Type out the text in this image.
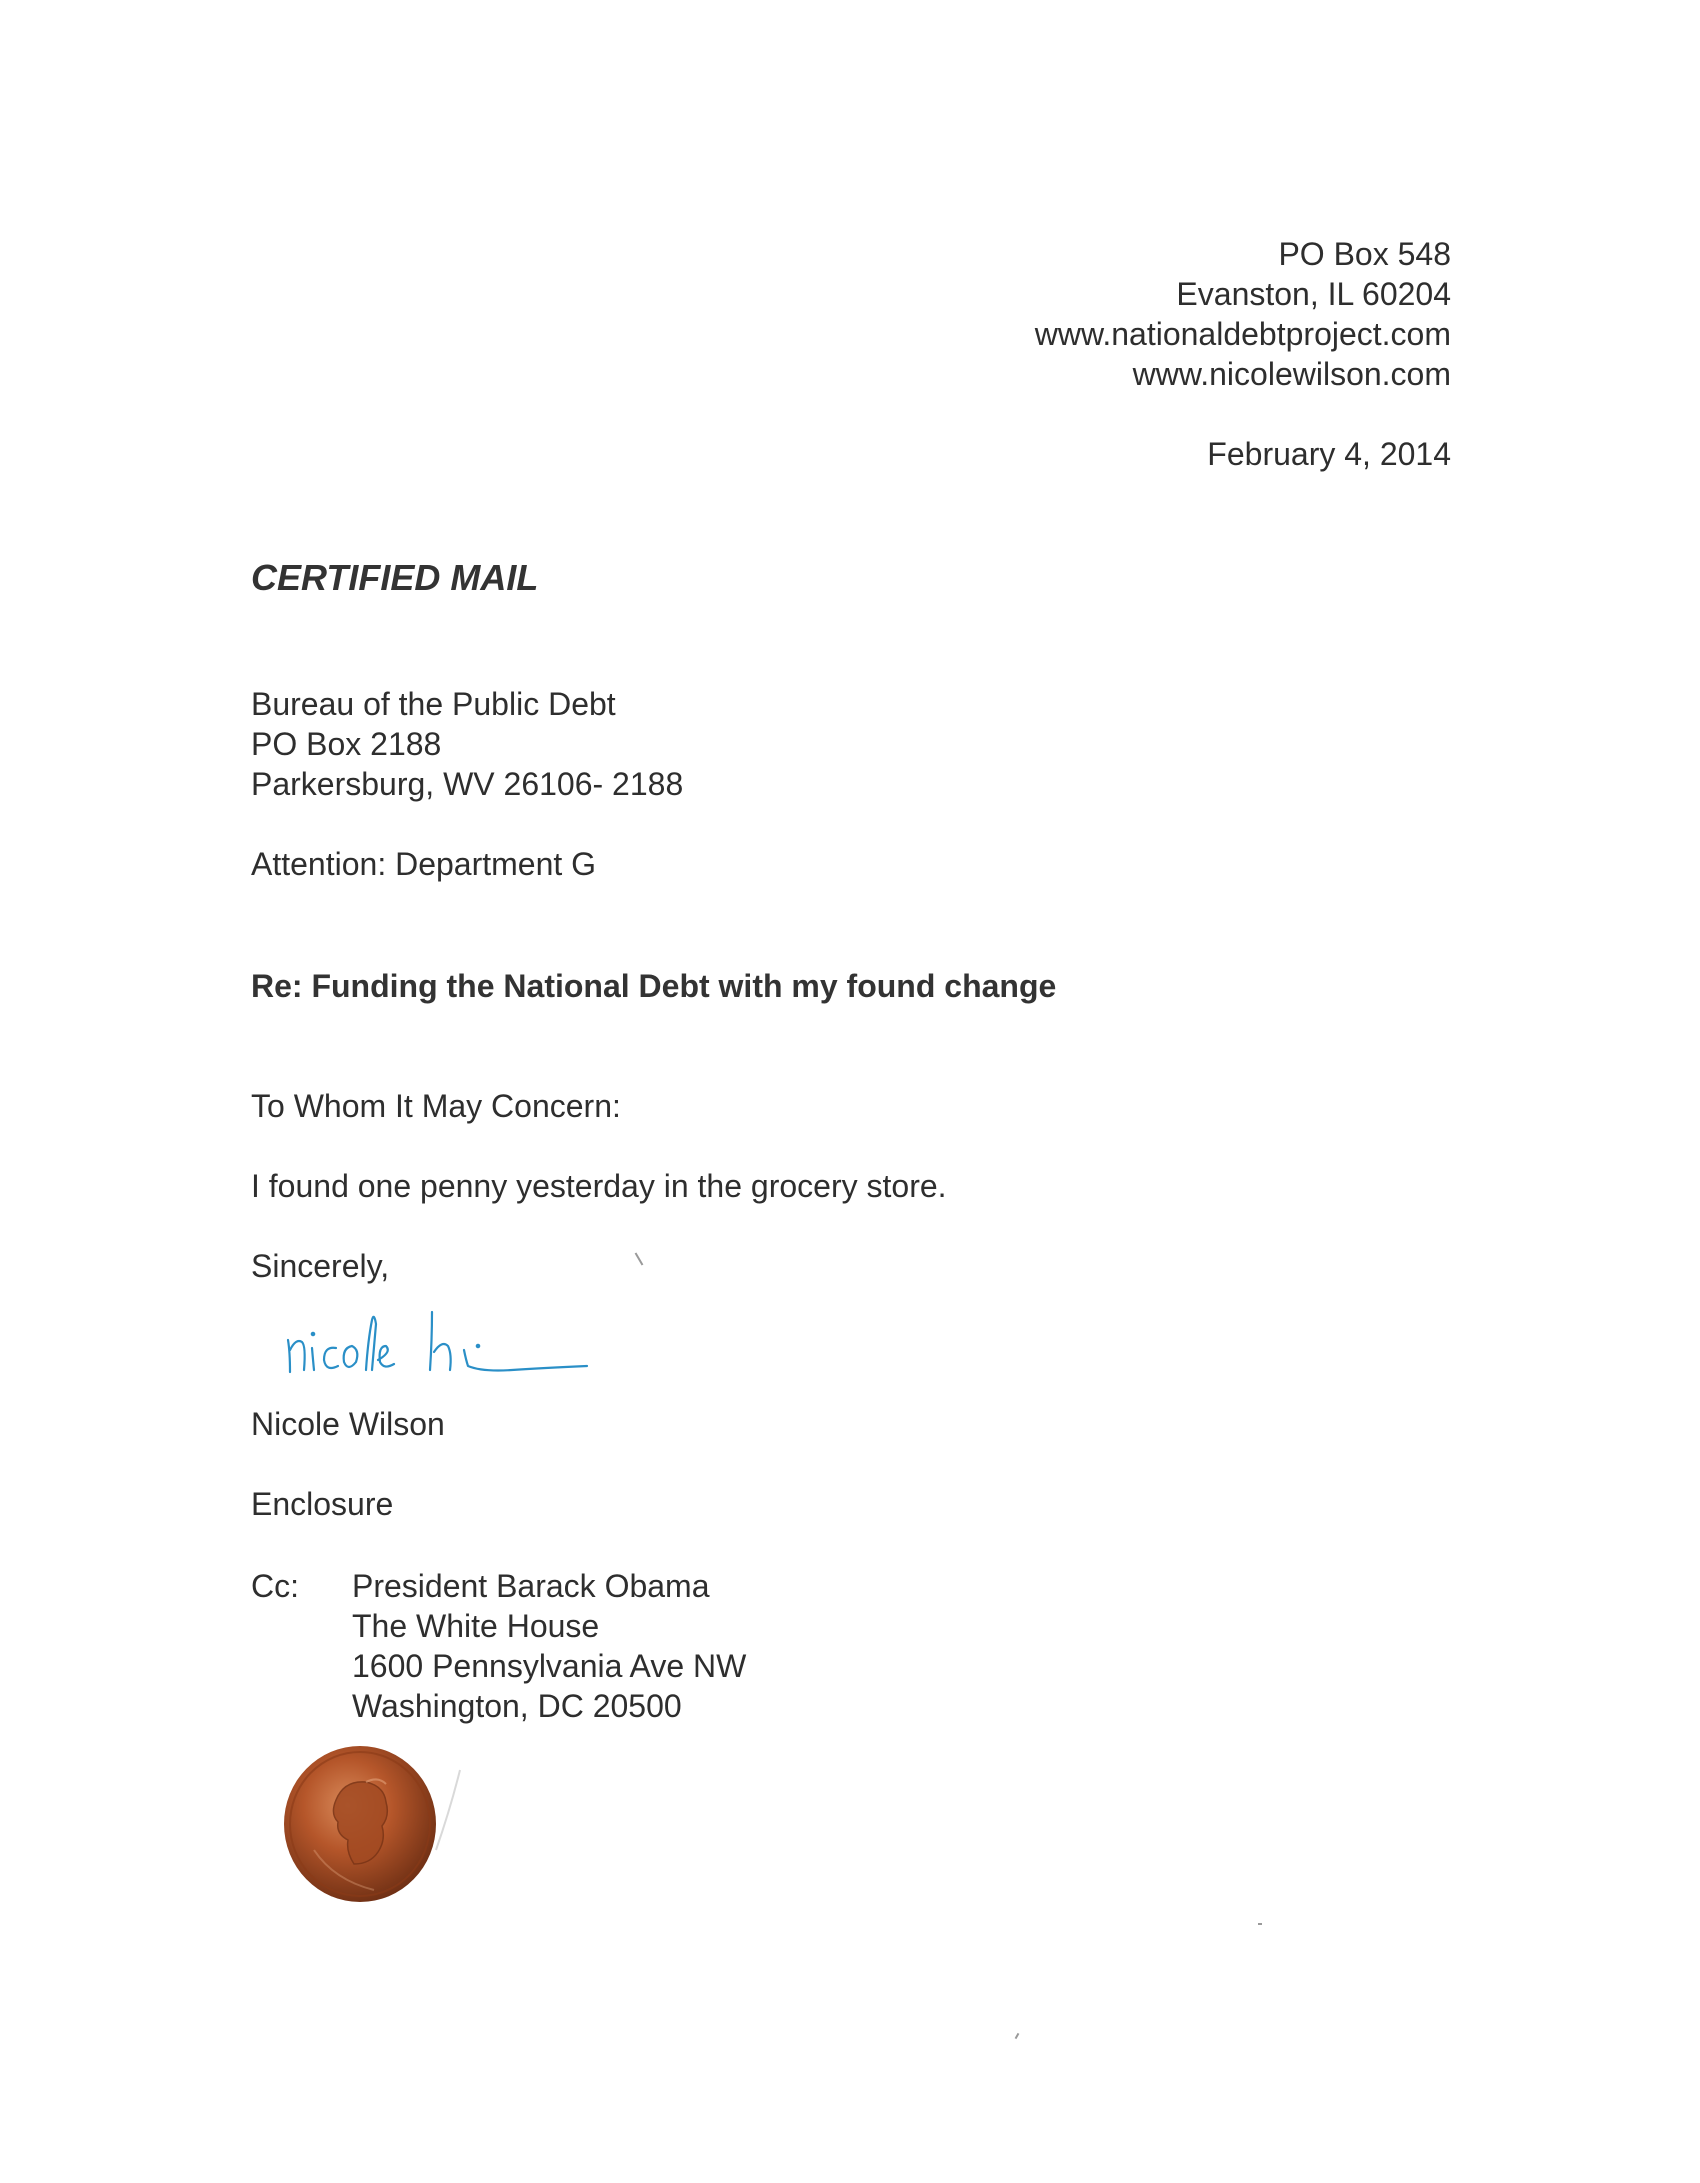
PO Box 548
Evanston, IL 60204
www.nationaldebtproject.com
www.nicolewilson.com
February 4, 2014
CERTIFIED MAIL
Bureau of the Public Debt
PO Box 2188
Parkersburg, WV 26106- 2188
Attention: Department G
Re: Funding the National Debt with my found change
To Whom It May Concern:
I found one penny yesterday in the grocery store.
Sincerely,
Nicole Wilson
Enclosure
Cc: President Barack Obama
The White House
1600 Pennsylvania Ave NW
Washington, DC 20500
